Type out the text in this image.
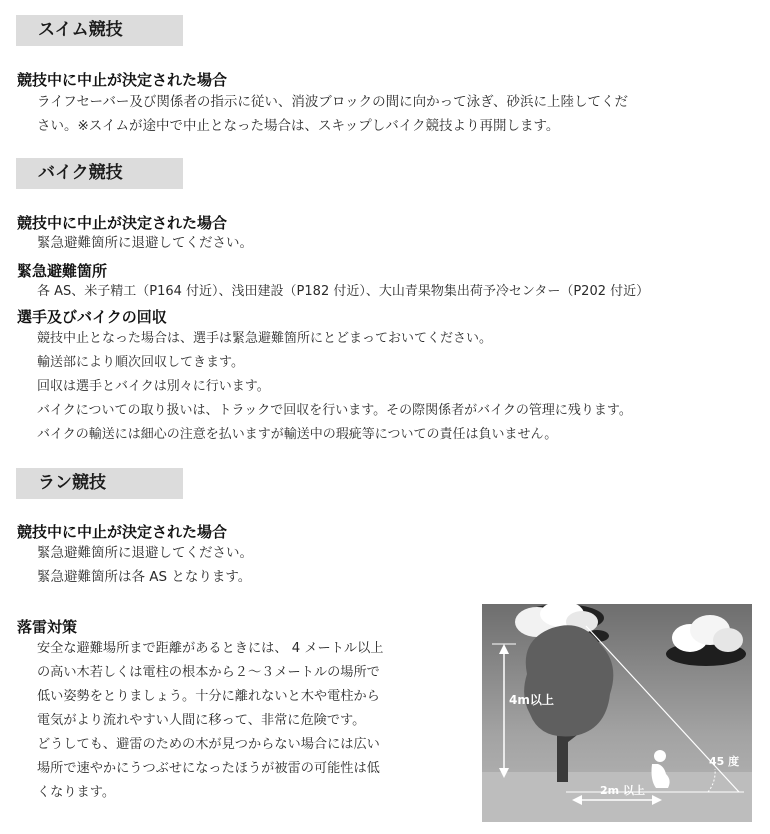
スイム競技
競技中に中止が決定された場合
ライフセーバー及び関係者の指示に従い、消波ブロックの間に向かって泳ぎ、砂浜に上陸してくだ
さい。※スイムが途中で中止となった場合は、スキップしバイク競技より再開します。
バイク競技
競技中に中止が決定された場合
緊急避難箇所に退避してください。
緊急避難箇所
各 AS、米子精工（P164 付近）、浅田建設（P182 付近）、大山青果物集出荷予冷センター（P202 付近）
選手及びバイクの回収
競技中止となった場合は、選手は緊急避難箇所にとどまっておいてください。
輸送部により順次回収してきます。
回収は選手とバイクは別々に行います。
バイクについての取り扱いは、トラックで回収を行います。その際関係者がバイクの管理に残ります。
バイクの輸送には細心の注意を払いますが輸送中の瑕疵等についての責任は負いません。
ラン競技
競技中に中止が決定された場合
緊急避難箇所に退避してください。
緊急避難箇所は各 AS となります。
落雷対策
安全な避難場所まで距離があるときには、 4 メートル以上
の高い木若しくは電柱の根本から２～３メートルの場所で
低い姿勢をとりましょう。十分に離れないと木や電柱から
電気がより流れやすい人間に移って、非常に危険です。
どうしても、避雷のための木が見つからない場合には広い
場所で速やかにうつぶせになったほうが被雷の可能性は低
くなります。
4m以上
45 度
2m 以上
